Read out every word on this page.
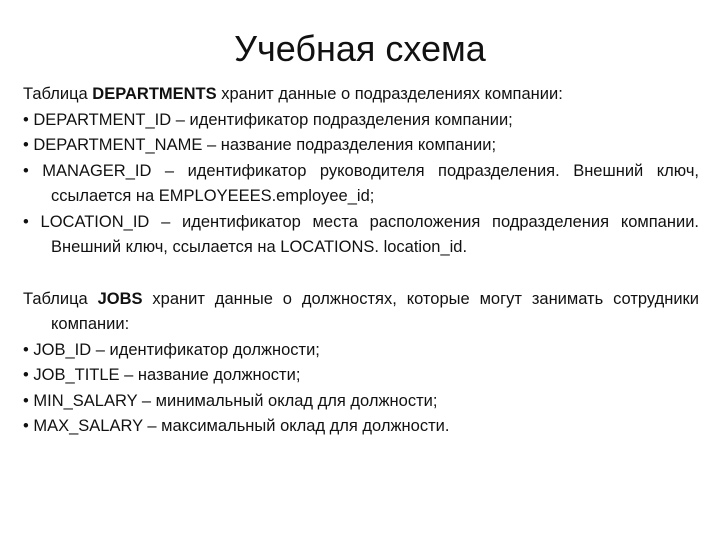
Учебная схема

Таблица DEPARTMENTS хранит данные о подразделениях компании:

• DEPARTMENT_ID – идентификатор подразделения компании;

• DEPARTMENT_NAME – название подразделения компании;

• MANAGER_ID – идентификатор руководителя подразделения. Внешний ключ, ссылается на EMPLOYEEES.employee_id;

• LOCATION_ID – идентификатор места расположения подразделения компании. Внешний ключ, ссылается на LOCATIONS. location_id.

Таблица JOBS хранит данные о должностях, которые могут занимать сотрудники компании:

• JOB_ID – идентификатор должности;

• JOB_TITLE – название должности;

• MIN_SALARY – минимальный оклад для должности;

• MAX_SALARY – максимальный оклад для должности.
